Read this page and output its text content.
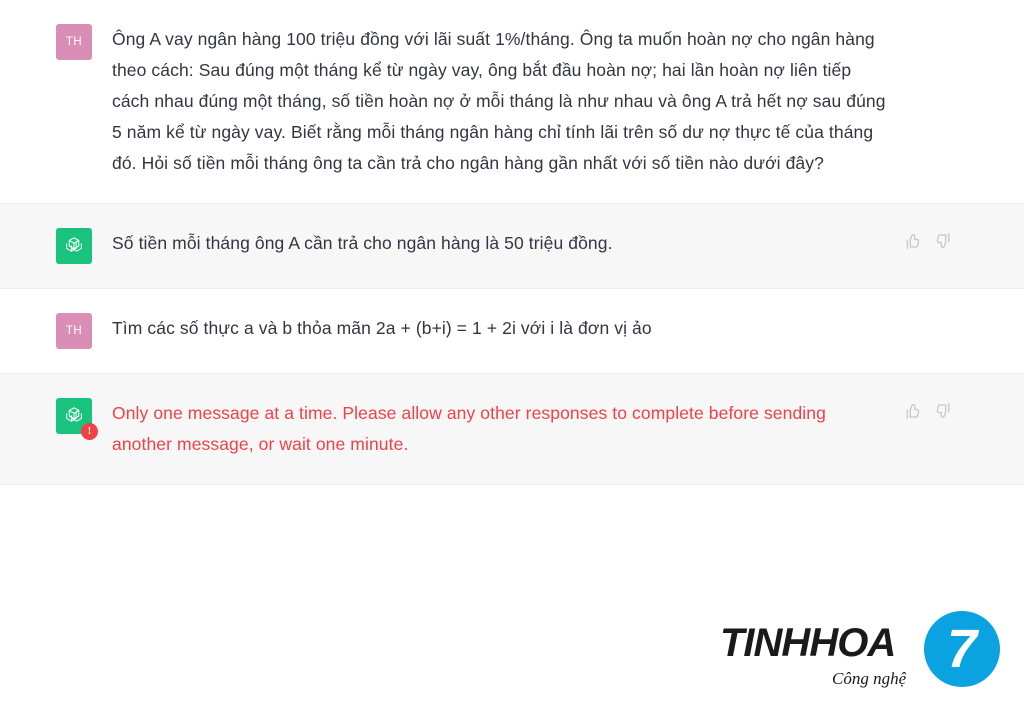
TH Ông A vay ngân hàng 100 triệu đồng với lãi suất 1%/tháng. Ông ta muốn hoàn nợ cho ngân hàng theo cách: Sau đúng một tháng kể từ ngày vay, ông bắt đầu hoàn nợ; hai lần hoàn nợ liên tiếp cách nhau đúng một tháng, số tiền hoàn nợ ở mỗi tháng là như nhau và ông A trả hết nợ sau đúng 5 năm kể từ ngày vay. Biết rằng mỗi tháng ngân hàng chỉ tính lãi trên số dư nợ thực tế của tháng đó. Hỏi số tiền mỗi tháng ông ta cần trả cho ngân hàng gần nhất với số tiền nào dưới đây?

Số tiền mỗi tháng ông A cần trả cho ngân hàng là 50 triệu đồng.

TH Tìm các số thực a và b thỏa mãn 2a + (b+i) = 1 + 2i với i là đơn vị ảo

!

Only one message at a time. Please allow any other responses to complete before sending another message, or wait one minute.

TINHHOA
Công nghệ 7
